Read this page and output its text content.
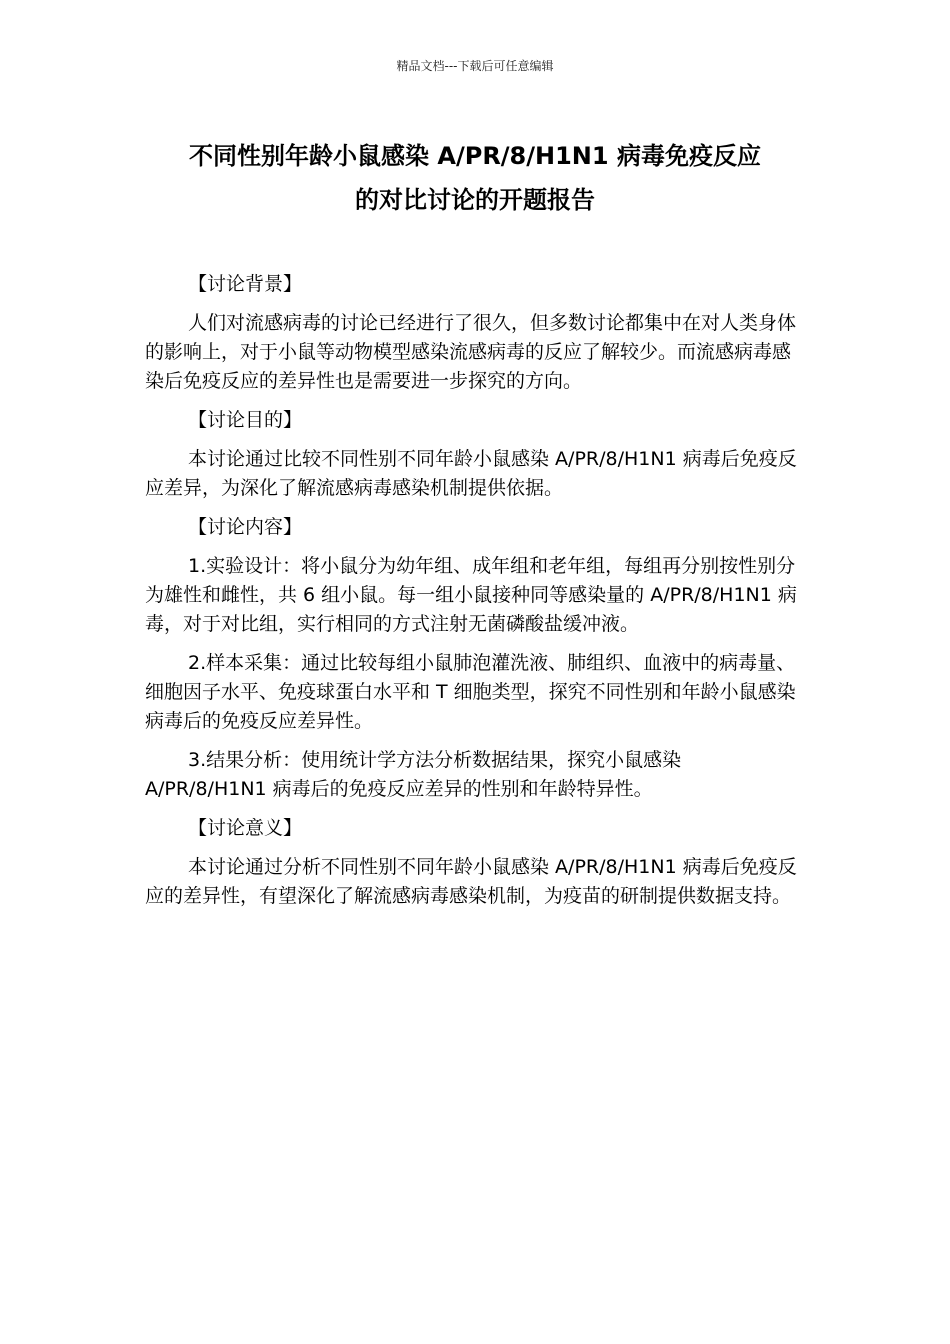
精品文档---下载后可任意编辑
不同性别年龄小鼠感染 A/PR/8/H1N1 病毒免疫反应
的对比讨论的开题报告

【讨论背景】

人们对流感病毒的讨论已经进行了很久，但多数讨论都集中在对人类身体的影响上，对于小鼠等动物模型感染流感病毒的反应了解较少。而流感病毒感染后免疫反应的差异性也是需要进一步探究的方向。

【讨论目的】

本讨论通过比较不同性别不同年龄小鼠感染 A/PR/8/H1N1 病毒后免疫反应差异，为深化了解流感病毒感染机制提供依据。

【讨论内容】

1.实验设计：将小鼠分为幼年组、成年组和老年组，每组再分别按性别分为雄性和雌性，共 6 组小鼠。每一组小鼠接种同等感染量的 A/PR/8/H1N1 病毒，对于对比组，实行相同的方式注射无菌磷酸盐缓冲液。

2.样本采集：通过比较每组小鼠肺泡灌洗液、肺组织、血液中的病毒量、细胞因子水平、免疫球蛋白水平和 T 细胞类型，探究不同性别和年龄小鼠感染病毒后的免疫反应差异性。

3.结果分析：使用统计学方法分析数据结果，探究小鼠感染 A/PR/8/H1N1 病毒后的免疫反应差异的性别和年龄特异性。

【讨论意义】

本讨论通过分析不同性别不同年龄小鼠感染 A/PR/8/H1N1 病毒后免疫反应的差异性，有望深化了解流感病毒感染机制，为疫苗的研制提供数据支持。
